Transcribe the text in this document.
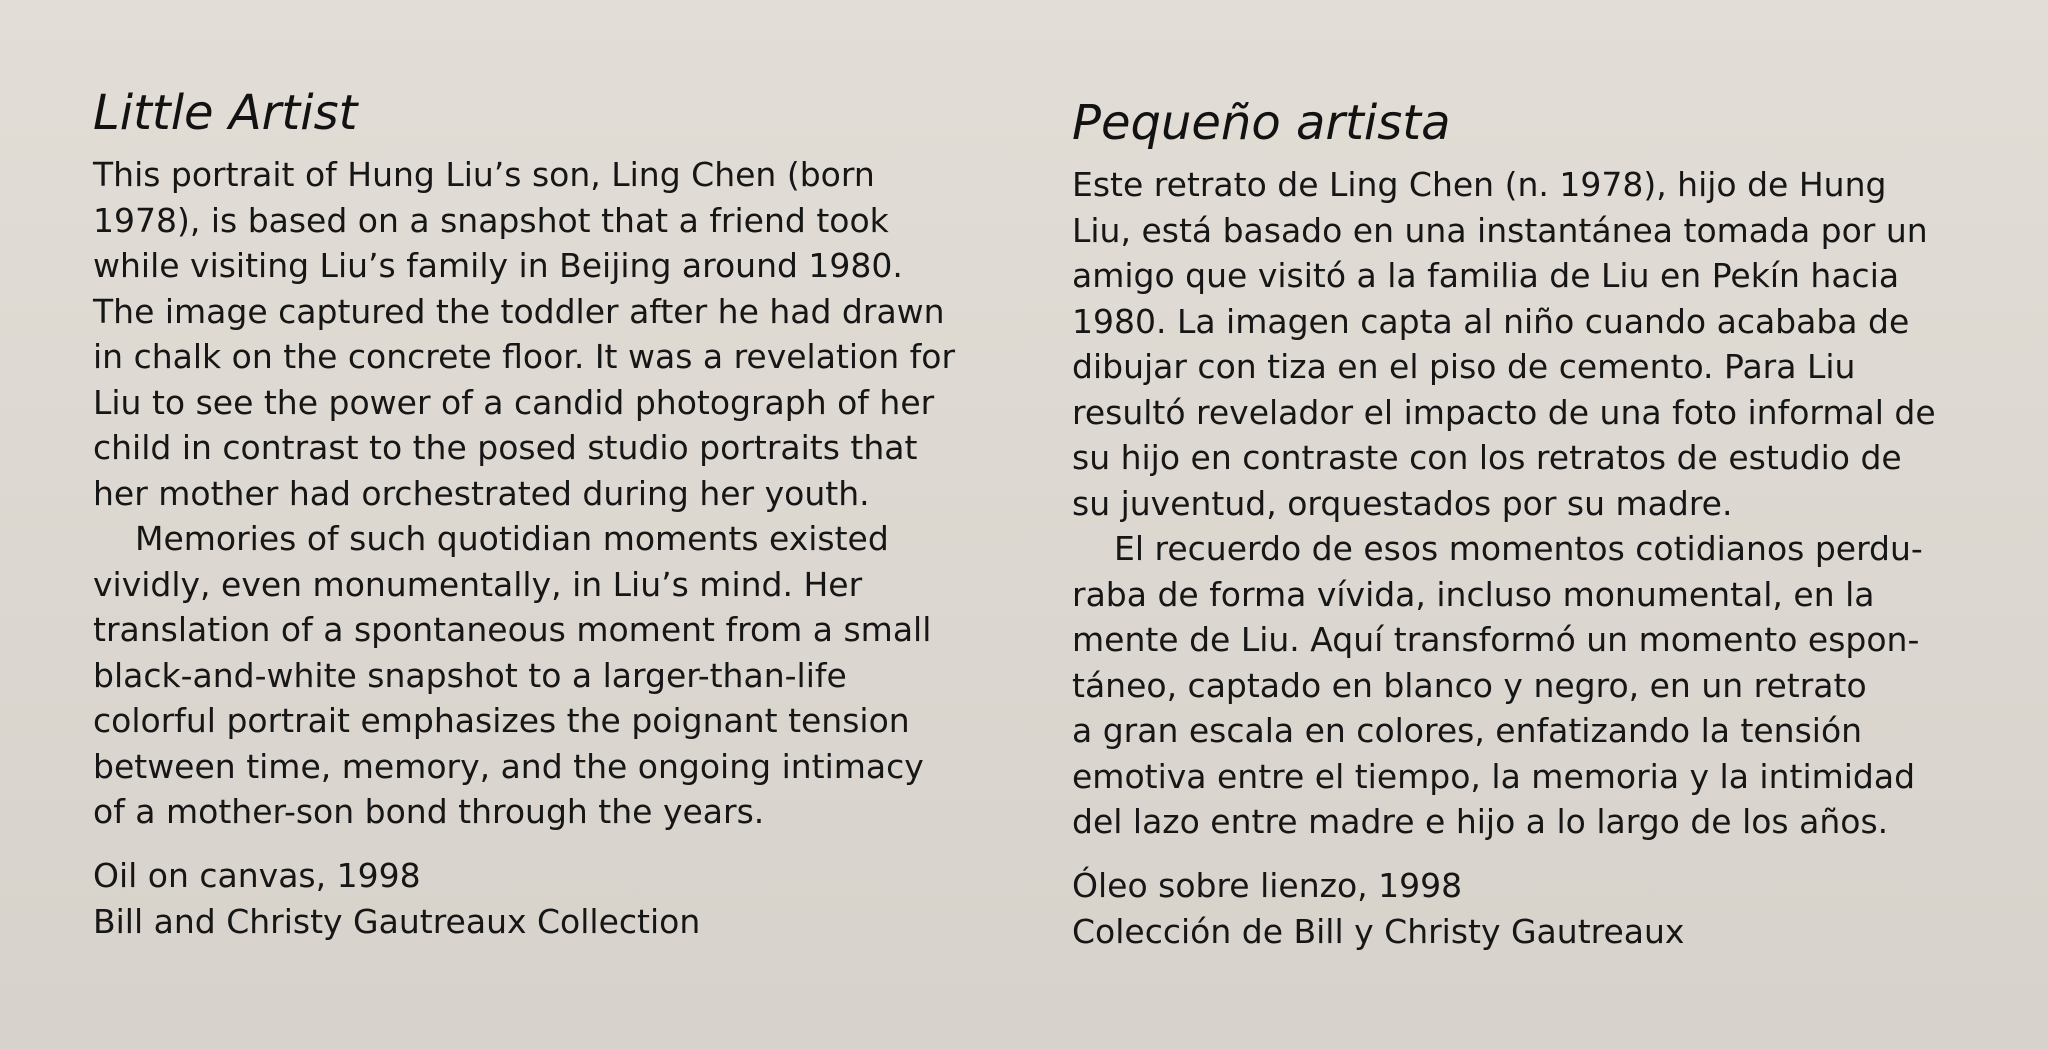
Little Artist

This portrait of Hung Liu’s son, Ling Chen (born
1978), is based on a snapshot that a friend took
while visiting Liu’s family in Beijing around 1980.
The image captured the toddler after he had drawn
in chalk on the concrete floor. It was a revelation for
Liu to see the power of a candid photograph of her
child in contrast to the posed studio portraits that
her mother had orchestrated during her youth.

Memories of such quotidian moments existed
vividly, even monumentally, in Liu’s mind. Her
translation of a spontaneous moment from a small
black-and-white snapshot to a larger-than-life
colorful portrait emphasizes the poignant tension
between time, memory, and the ongoing intimacy
of a mother-son bond through the years.

Oil on canvas, 1998
Bill and Christy Gautreaux Collection
Pequeño artista

Este retrato de Ling Chen (n. 1978), hijo de Hung
Liu, está basado en una instantánea tomada por un
amigo que visitó a la familia de Liu en Pekín hacia
1980. La imagen capta al niño cuando acababa de
dibujar con tiza en el piso de cemento. Para Liu
resultó revelador el impacto de una foto informal de
su hijo en contraste con los retratos de estudio de
su juventud, orquestados por su madre.

El recuerdo de esos momentos cotidianos perdu-
raba de forma vívida, incluso monumental, en la
mente de Liu. Aquí transformó un momento espon-
táneo, captado en blanco y negro, en un retrato
a gran escala en colores, enfatizando la tensión
emotiva entre el tiempo, la memoria y la intimidad
del lazo entre madre e hijo a lo largo de los años.

Óleo sobre lienzo, 1998
Colección de Bill y Christy Gautreaux
